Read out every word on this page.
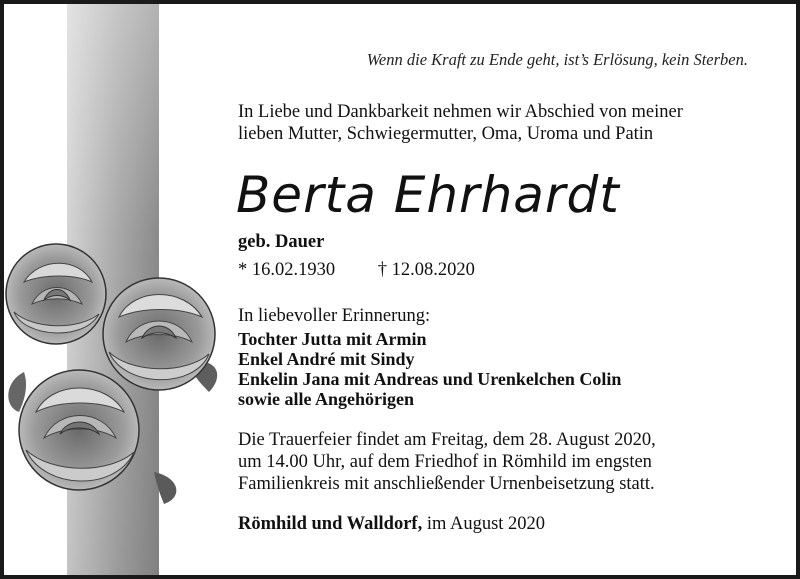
Wenn die Kraft zu Ende geht, ist’s Erlösung, kein Sterben.
In Liebe und Dankbarkeit nehmen wir Abschied von meiner
lieben Mutter, Schwiegermutter, Oma, Uroma und Patin
Berta Ehrhardt
geb. Dauer
* 16.02.1930 † 12.08.2020
In liebevoller Erinnerung:
Tochter Jutta mit Armin
Enkel André mit Sindy
Enkelin Jana mit Andreas und Urenkelchen Colin
sowie alle Angehörigen
Die Trauerfeier findet am Freitag, dem 28. August 2020,
um 14.00 Uhr, auf dem Friedhof in Römhild im engsten
Familienkreis mit anschließender Urnenbeisetzung statt.
Römhild und Walldorf, im August 2020
